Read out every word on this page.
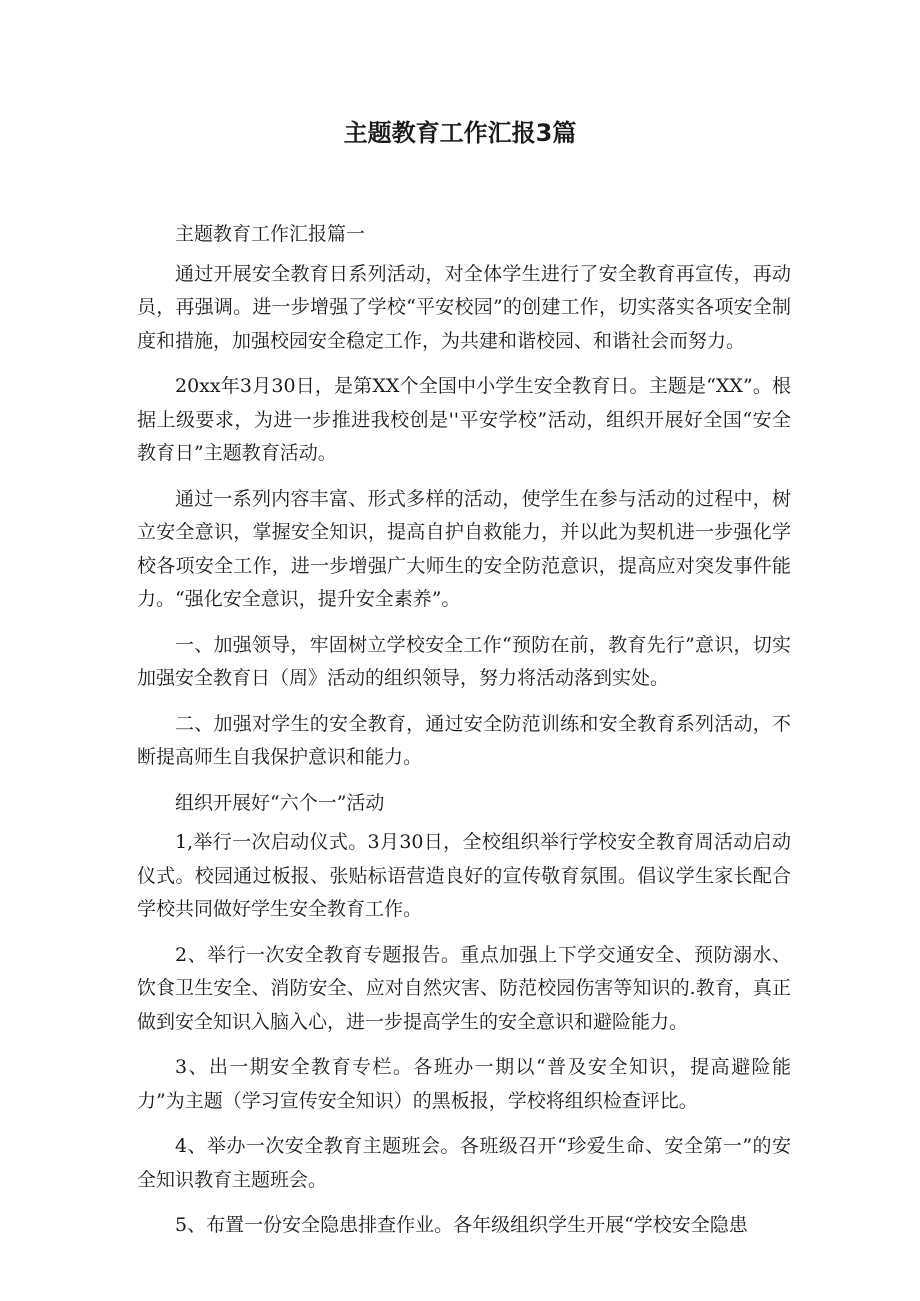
主题教育工作汇报3篇

主题教育工作汇报篇一

通过开展安全教育日系列活动，对全体学生进行了安全教育再宣传，再动员，再强调。进一步增强了学校“平安校园”的创建工作，切实落实各项安全制度和措施，加强校园安全稳定工作，为共建和谐校园、和谐社会而努力。

20xx年3月30日，是第XX个全国中小学生安全教育日。主题是“XX”。根据上级要求，为进一步推进我校创是''平安学校”活动，组织开展好全国“安全教育日”主题教育活动。

通过一系列内容丰富、形式多样的活动，使学生在参与活动的过程中，树立安全意识，掌握安全知识，提高自护自救能力，并以此为契机进一步强化学校各项安全工作，进一步增强广大师生的安全防范意识，提高应对突发事件能力。“强化安全意识，提升安全素养”。

一、加强领导，牢固树立学校安全工作“预防在前，教育先行”意识，切实加强安全教育日（周》活动的组织领导，努力将活动落到实处。

二、加强对学生的安全教育，通过安全防范训练和安全教育系列活动，不断提高师生自我保护意识和能力。

组织开展好“六个一”活动

1,举行一次启动仪式。3月30日，全校组织举行学校安全教育周活动启动仪式。校园通过板报、张贴标语营造良好的宣传敬育氛围。倡议学生家长配合学校共同做好学生安全教育工作。

2、举行一次安全教育专题报告。重点加强上下学交通安全、预防溺水、饮食卫生安全、消防安全、应对自然灾害、防范校园伤害等知识的.教育，真正做到安全知识入脑入心，进一步提高学生的安全意识和避险能力。

3、出一期安全教育专栏。各班办一期以“普及安全知识，提高避险能力”为主题（学习宣传安全知识）的黑板报，学校将组织检查评比。

4、举办一次安全教育主题班会。各班级召开“珍爱生命、安全第一”的安全知识教育主题班会。

5、布置一份安全隐患排查作业。各年级组织学生开展“学校安全隐患
